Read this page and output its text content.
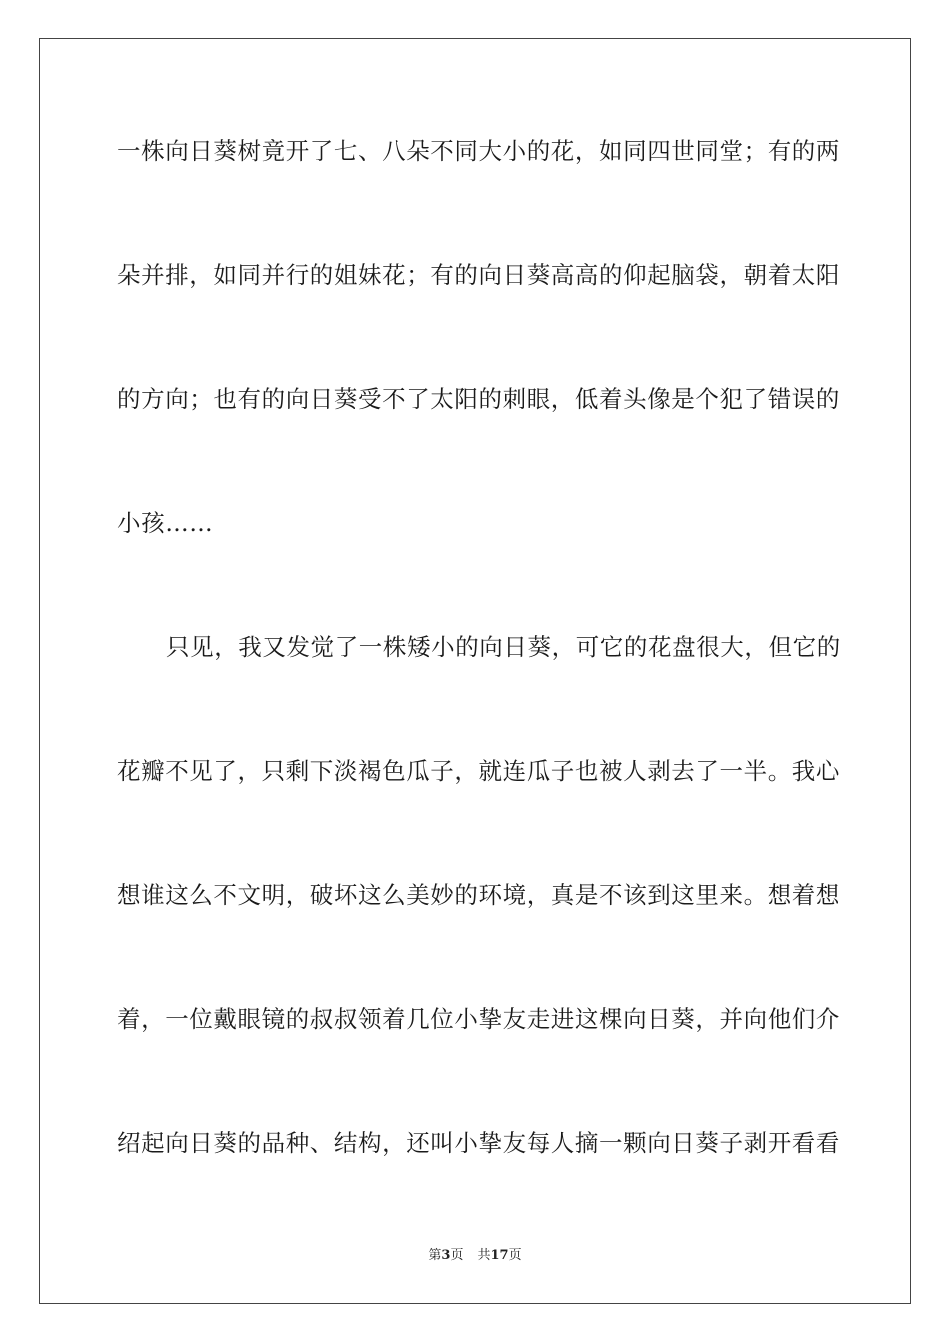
一株向日葵树竟开了七、八朵不同大小的花，如同四世同堂；有的两
朵并排，如同并行的姐妹花；有的向日葵高高的仰起脑袋，朝着太阳
的方向；也有的向日葵受不了太阳的刺眼，低着头像是个犯了错误的
小孩……
只见，我又发觉了一株矮小的向日葵，可它的花盘很大，但它的
花瓣不见了，只剩下淡褐色瓜子，就连瓜子也被人剥去了一半。我心
想谁这么不文明，破坏这么美妙的环境，真是不该到这里来。想着想
着，一位戴眼镜的叔叔领着几位小挚友走进这棵向日葵，并向他们介
绍起向日葵的品种、结构，还叫小挚友每人摘一颗向日葵子剥开看看
第3页 共17页
